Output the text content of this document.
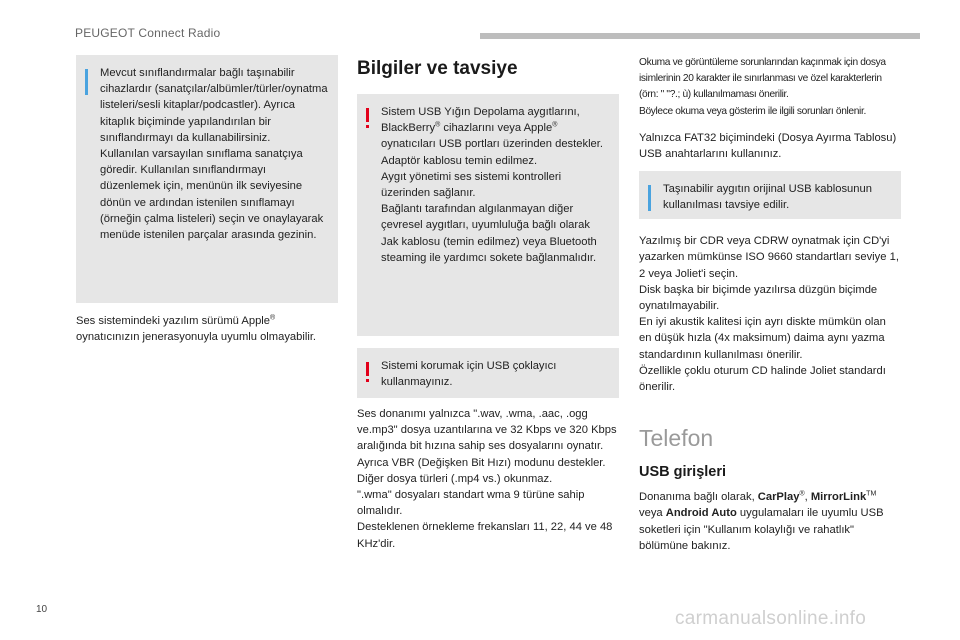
PEUGEOT Connect Radio
Mevcut sınıflandırmalar bağlı taşınabilir cihazlardır (sanatçılar/albümler/türler/oynatma listeleri/sesli kitaplar/podcastler). Ayrıca kitaplık biçiminde yapılandırılan bir sınıflandırmayı da kullanabilirsiniz.
Kullanılan varsayılan sınıflama sanatçıya göredir. Kullanılan sınıflandırmayı düzenlemek için, menünün ilk seviyesine dönün ve ardından istenilen sınıflamayı (örneğin çalma listeleri) seçin ve onaylayarak menüde istenilen parçalar arasında gezinin.
Ses sistemindeki yazılım sürümü Apple® oynatıcınızın jenerasyonuyla uyumlu olmayabilir.
Bilgiler ve tavsiye
Sistem USB Yığın Depolama aygıtlarını, BlackBerry® cihazlarını veya Apple® oynatıcıları USB portları üzerinden destekler. Adaptör kablosu temin edilmez.
Aygıt yönetimi ses sistemi kontrolleri üzerinden sağlanır.
Bağlantı tarafından algılanmayan diğer çevresel aygıtları, uyumluluğa bağlı olarak Jak kablosu (temin edilmez) veya Bluetooth steaming ile yardımcı sokete bağlanmalıdır.
Sistemi korumak için USB çoklayıcı kullanmayınız.
Ses donanımı yalnızca ".wav, .wma, .aac, .ogg ve.mp3" dosya uzantılarına ve 32 Kbps ve 320 Kbps aralığında bit hızına sahip ses dosyalarını oynatır.
Ayrıca VBR (Değişken Bit Hızı) modunu destekler.
Diğer dosya türleri (.mp4 vs.) okunmaz.
".wma" dosyaları standart wma 9 türüne sahip olmalıdır.
Desteklenen örnekleme frekansları 11, 22, 44 ve 48 KHz'dir.
Okuma ve görüntüleme sorunlarından kaçınmak için dosya isimlerinin 20 karakter ile sınırlanması ve özel karakterlerin (örn: " "?.; ù) kullanılmaması önerilir.
Böylece okuma veya gösterim ile ilgili sorunları önlenir.
Yalnızca FAT32 biçimindeki (Dosya Ayırma Tablosu) USB anahtarlarını kullanınız.
Taşınabilir aygıtın orijinal USB kablosunun kullanılması tavsiye edilir.
Yazılmış bir CDR veya CDRW oynatmak için CD'yi yazarken mümkünse ISO 9660 standartları seviye 1, 2 veya Joliet'i seçin.
Disk başka bir biçimde yazılırsa düzgün biçimde oynatılmayabilir.
En iyi akustik kalitesi için ayrı diskte mümkün olan en düşük hızla (4x maksimum) daima aynı yazma standardının kullanılması önerilir.
Özellikle çoklu oturum CD halinde Joliet standardı önerilir.
Telefon
USB girişleri
Donanıma bağlı olarak, CarPlay®, MirrorLink™ veya Android Auto uygulamaları ile uyumlu USB soketleri için "Kullanım kolaylığı ve rahatlık" bölümüne bakınız.
10	carmanualsonline.info
